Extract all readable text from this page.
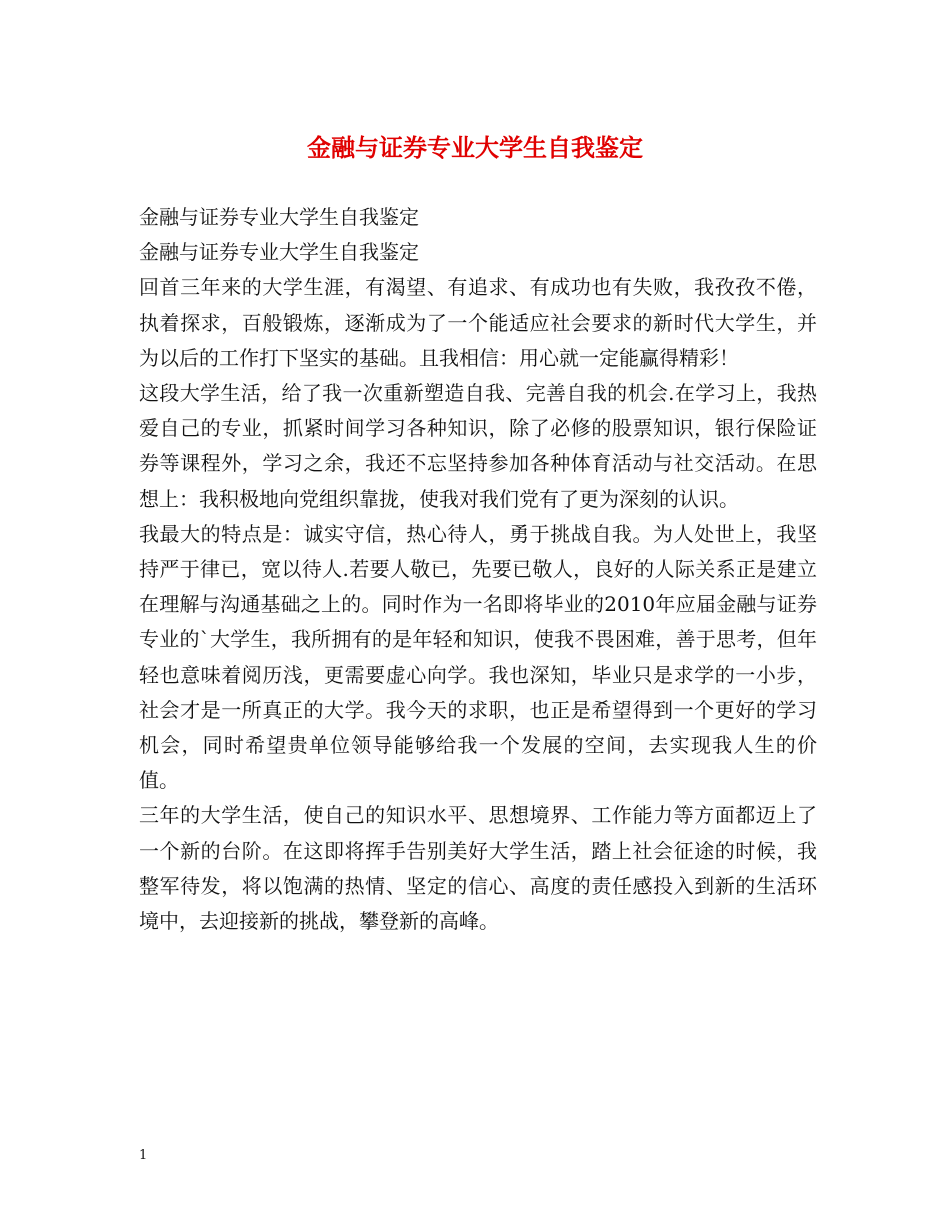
金融与证券专业大学生自我鉴定

金融与证券专业大学生自我鉴定

金融与证券专业大学生自我鉴定

回首三年来的大学生涯，有渴望、有追求、有成功也有失败，我孜孜不倦，执着探求，百般锻炼，逐渐成为了一个能适应社会要求的新时代大学生，并为以后的工作打下坚实的基础。且我相信：用心就一定能赢得精彩！

这段大学生活，给了我一次重新塑造自我、完善自我的机会.在学习上，我热爱自己的专业，抓紧时间学习各种知识，除了必修的股票知识，银行保险证券等课程外，学习之余，我还不忘坚持参加各种体育活动与社交活动。在思想上：我积极地向党组织靠拢，使我对我们党有了更为深刻的认识。

我最大的特点是：诚实守信，热心待人，勇于挑战自我。为人处世上，我坚持严于律已，宽以待人.若要人敬已，先要已敬人，良好的人际关系正是建立在理解与沟通基础之上的。同时作为一名即将毕业的2010年应届金融与证券专业的`大学生，我所拥有的是年轻和知识，使我不畏困难，善于思考，但年轻也意味着阅历浅，更需要虚心向学。我也深知，毕业只是求学的一小步，社会才是一所真正的大学。我今天的求职，也正是希望得到一个更好的学习机会，同时希望贵单位领导能够给我一个发展的空间，去实现我人生的价值。

三年的大学生活，使自己的知识水平、思想境界、工作能力等方面都迈上了一个新的台阶。在这即将挥手告别美好大学生活，踏上社会征途的时候，我整军待发，将以饱满的热情、坚定的信心、高度的责任感投入到新的生活环境中，去迎接新的挑战，攀登新的高峰。

1
